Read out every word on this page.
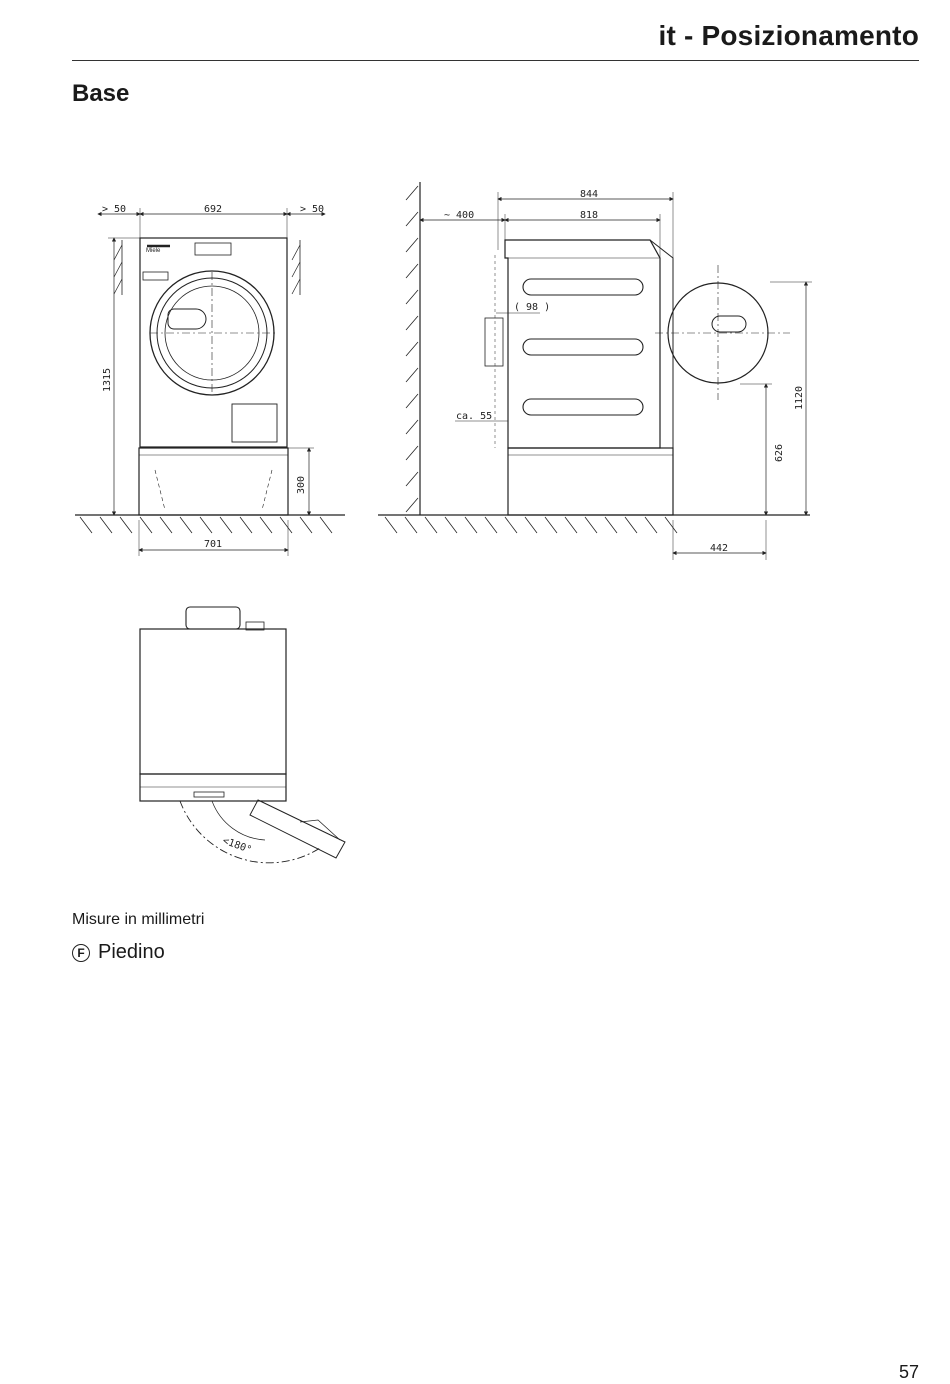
it - Posizionamento
Base
> 50	692	> 50
1315
300
701
Miele
844
~ 400	818
( 98 )
ca. 55
1120
626
442
<180°
Misure in millimetri
F Piedino
57
